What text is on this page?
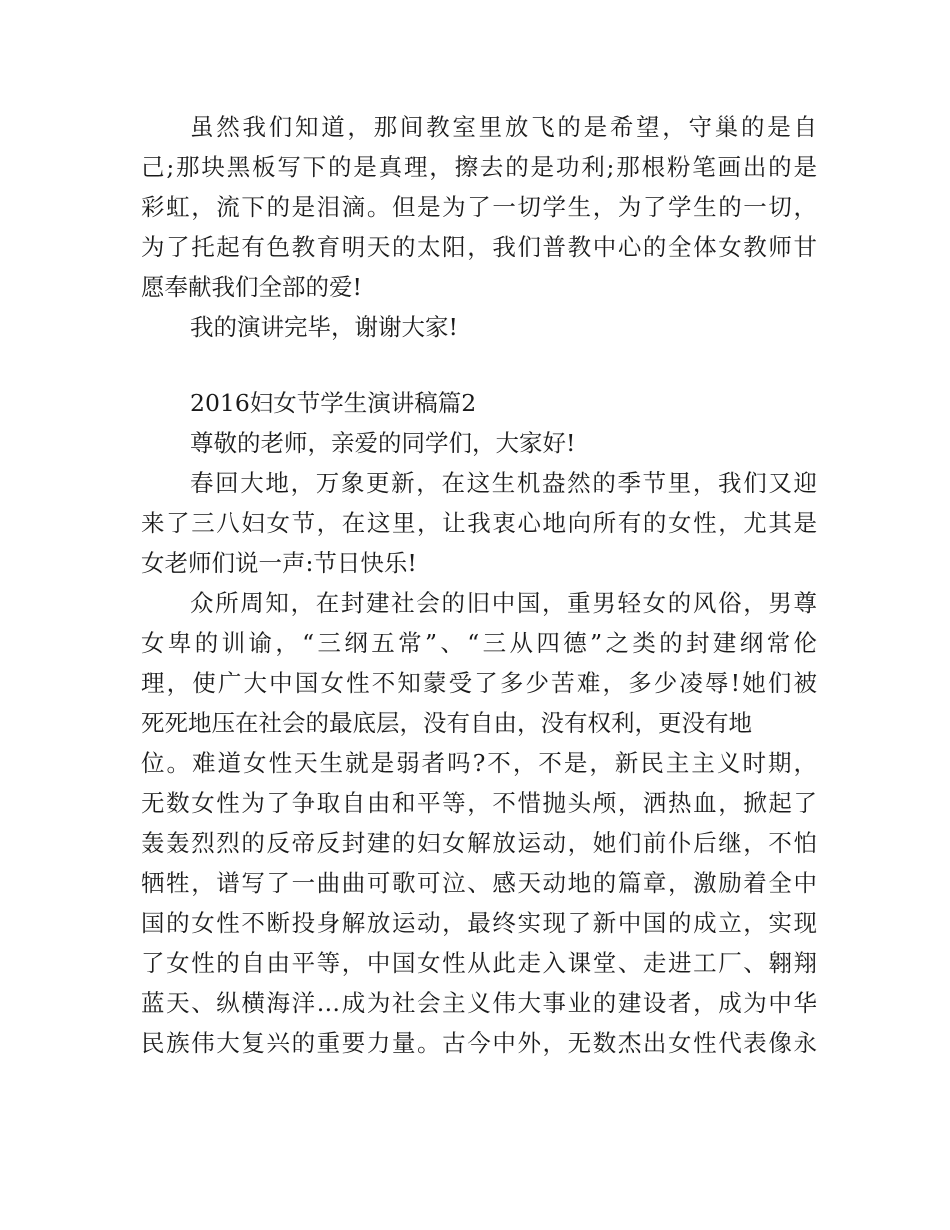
虽然我们知道，那间教室里放飞的是希望，守巢的是自
己;那块黑板写下的是真理，擦去的是功利;那根粉笔画出的是
彩虹，流下的是泪滴。但是为了一切学生，为了学生的一切，
为了托起有色教育明天的太阳，我们普教中心的全体女教师甘
愿奉献我们全部的爱!
我的演讲完毕，谢谢大家!
2016妇女节学生演讲稿篇2
尊敬的老师，亲爱的同学们，大家好!
春回大地，万象更新，在这生机盎然的季节里，我们又迎
来了三八妇女节，在这里，让我衷心地向所有的女性，尤其是
女老师们说一声:节日快乐!
众所周知，在封建社会的旧中国，重男轻女的风俗，男尊
女卑的训谕，“三纲五常”、“三从四德”之类的封建纲常伦
理，使广大中国女性不知蒙受了多少苦难，多少凌辱!她们被
死死地压在社会的最底层，没有自由，没有权利，更没有地
位。难道女性天生就是弱者吗?不，不是，新民主主义时期，
无数女性为了争取自由和平等，不惜抛头颅，洒热血，掀起了
轰轰烈烈的反帝反封建的妇女解放运动，她们前仆后继，不怕
牺牲，谱写了一曲曲可歌可泣、感天动地的篇章，激励着全中
国的女性不断投身解放运动，最终实现了新中国的成立，实现
了女性的自由平等，中国女性从此走入课堂、走进工厂、翱翔
蓝天、纵横海洋…成为社会主义伟大事业的建设者，成为中华
民族伟大复兴的重要力量。古今中外，无数杰出女性代表像永
